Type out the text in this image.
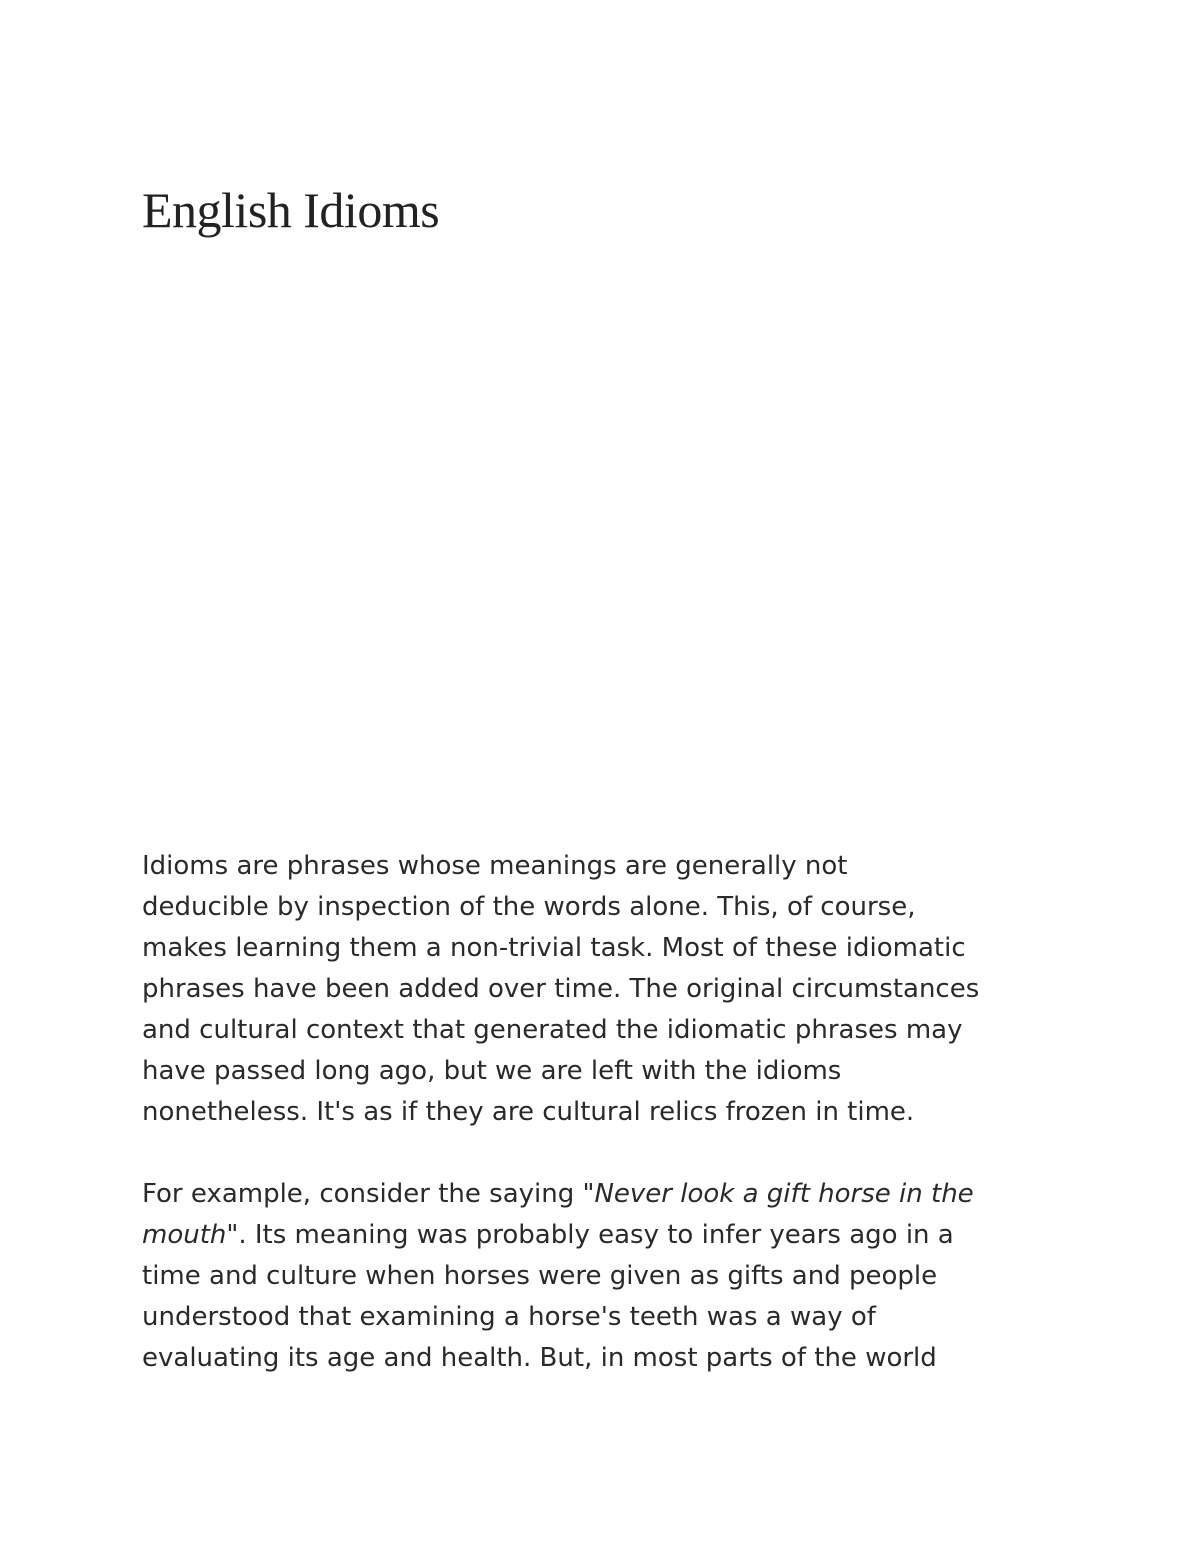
English Idioms
Idioms are phrases whose meanings are generally not
deducible by inspection of the words alone. This, of course,
makes learning them a non-trivial task. Most of these idiomatic
phrases have been added over time. The original circumstances
and cultural context that generated the idiomatic phrases may
have passed long ago, but we are left with the idioms
nonetheless. It's as if they are cultural relics frozen in time.
For example, consider the saying "Never look a gift horse in the
mouth". Its meaning was probably easy to infer years ago in a
time and culture when horses were given as gifts and people
understood that examining a horse's teeth was a way of
evaluating its age and health. But, in most parts of the world
